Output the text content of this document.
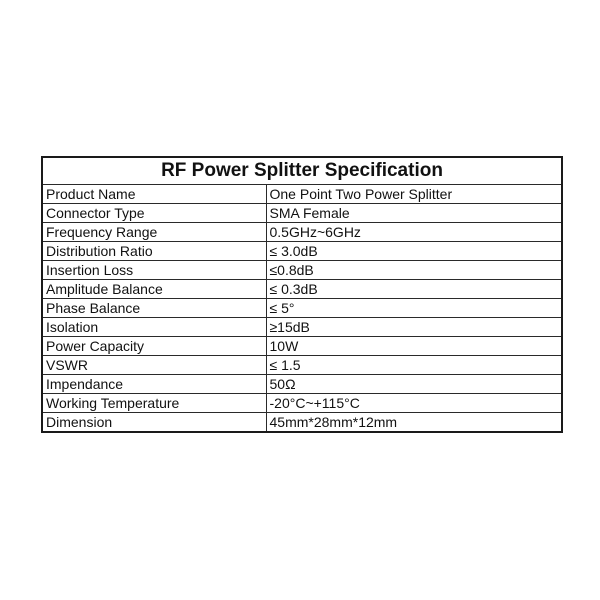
RF Power Splitter Specification	
Product Name	One Point Two Power Splitter
Connector Type	SMA Female
Frequency Range	0.5GHz~6GHz
Distribution Ratio	≤ 3.0dB
Insertion Loss	≤0.8dB
Amplitude Balance	≤ 0.3dB
Phase Balance	≤ 5°
Isolation	≥15dB
Power Capacity	10W
VSWR	≤ 1.5
Impendance	50Ω
Working Temperature	-20°C~+115°C
Dimension	45mm*28mm*12mm
